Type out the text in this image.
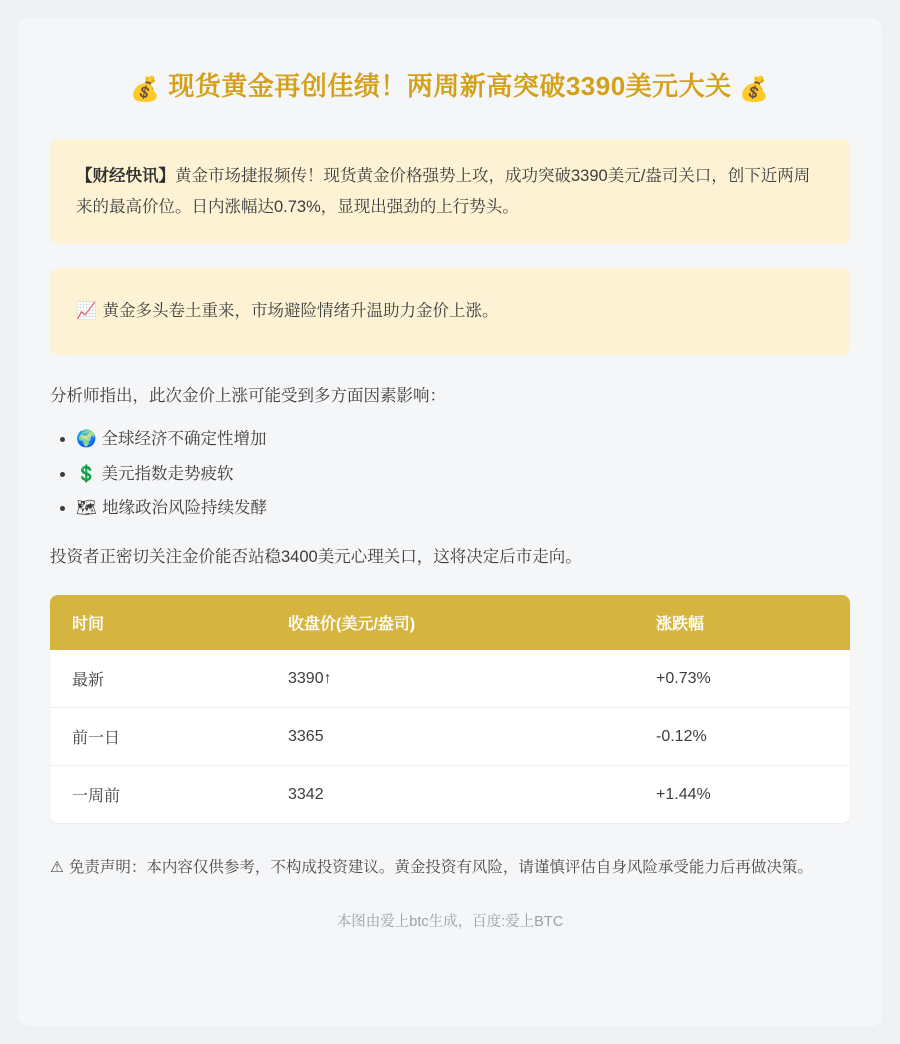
💰 现货黄金再创佳绩！两周新高突破3390美元大关 💰
【财经快讯】黄金市场捷报频传！现货黄金价格强势上攻，成功突破3390美元/盎司关口，创下近两周来的最高价位。日内涨幅达0.73%，显现出强劲的上行势头。
📈 黄金多头卷土重来，市场避险情绪升温助力金价上涨。

分析师指出，此次金价上涨可能受到多方面因素影响：

• 🌍 全球经济不确定性增加
• 💲 美元指数走势疲软
• 🗺 地缘政治风险持续发酵

投资者正密切关注金价能否站稳3400美元心理关口，这将决定后市走向。

时间	收盘价(美元/盎司)	涨跌幅
最新	3390↑	+0.73%
前一日	3365	-0.12%
一周前	3342	+1.44%

⚠ 免责声明：本内容仅供参考，不构成投资建议。黄金投资有风险，请谨慎评估自身风险承受能力后再做决策。

本图由爱上btc生成，百度:爱上BTC
